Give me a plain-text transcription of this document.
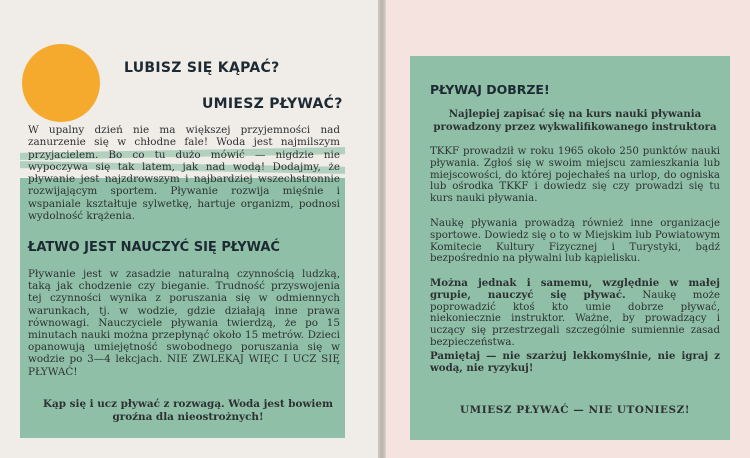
LUBISZ SIĘ KĄPAĆ?
UMIESZ PŁYWAĆ?

W upalny dzień nie ma większej przyjemności nad zanurzenie się w chłodne fale! Woda jest najmilszym przyjacielem. Bo co tu dużo mówić — nigdzie nie wypoczywa się tak latem, jak nad wodą! Dodajmy, że pływanie jest najzdrowszym i najbardziej wszechstronnie rozwijającym sportem. Pływanie rozwija mięśnie i wspaniale kształtuje sylwetkę, hartuje organizm, podnosi wydolność krążenia.

ŁATWO JEST NAUCZYĆ SIĘ PŁYWAĆ

Pływanie jest w zasadzie naturalną czynnością ludzką, taką jak chodzenie czy bieganie. Trudność przyswojenia tej czynności wynika z poruszania się w odmiennych warunkach, tj. w wodzie, gdzie działają inne prawa równowagi. Nauczyciele pływania twierdzą, że po 15 minutach nauki można przepłynąć około 15 metrów. Dzieci opanowują umiejętność swobodnego poruszania się w wodzie po 3—4 lekcjach. NIE ZWLEKAJ WIĘC I UCZ SIĘ PŁYWAĆ!

Kąp się i ucz pływać z rozwagą. Woda jest bowiem groźna dla nieostrożnych!

PŁYWAJ DOBRZE!

Najlepiej zapisać się na kurs nauki pływania prowadzony przez wykwalifikowanego instruktora

TKKF prowadził w roku 1965 około 250 punktów nauki pływania. Zgłoś się w swoim miejscu zamieszkania lub miejscowości, do której pojechałeś na urlop, do ogniska lub ośrodka TKKF i dowiedz się czy prowadzi się tu kurs nauki pływania.

Naukę pływania prowadzą również inne organizacje sportowe. Dowiedz się o to w Miejskim lub Powiatowym Komitecie Kultury Fizycznej i Turystyki, bądź bezpośrednio na pływalni lub kąpielisku.

Można jednak i samemu, względnie w małej grupie, nauczyć się pływać. Naukę może poprowadzić ktoś kto umie dobrze pływać, niekoniecznie instruktor. Ważne, by prowadzący i uczący się przestrzegali szczególnie sumiennie zasad bezpieczeństwa.

Pamiętaj — nie szarżuj lekkomyślnie, nie igraj z wodą, nie ryzykuj!

UMIESZ PŁYWAĆ — NIE UTONIESZ!
